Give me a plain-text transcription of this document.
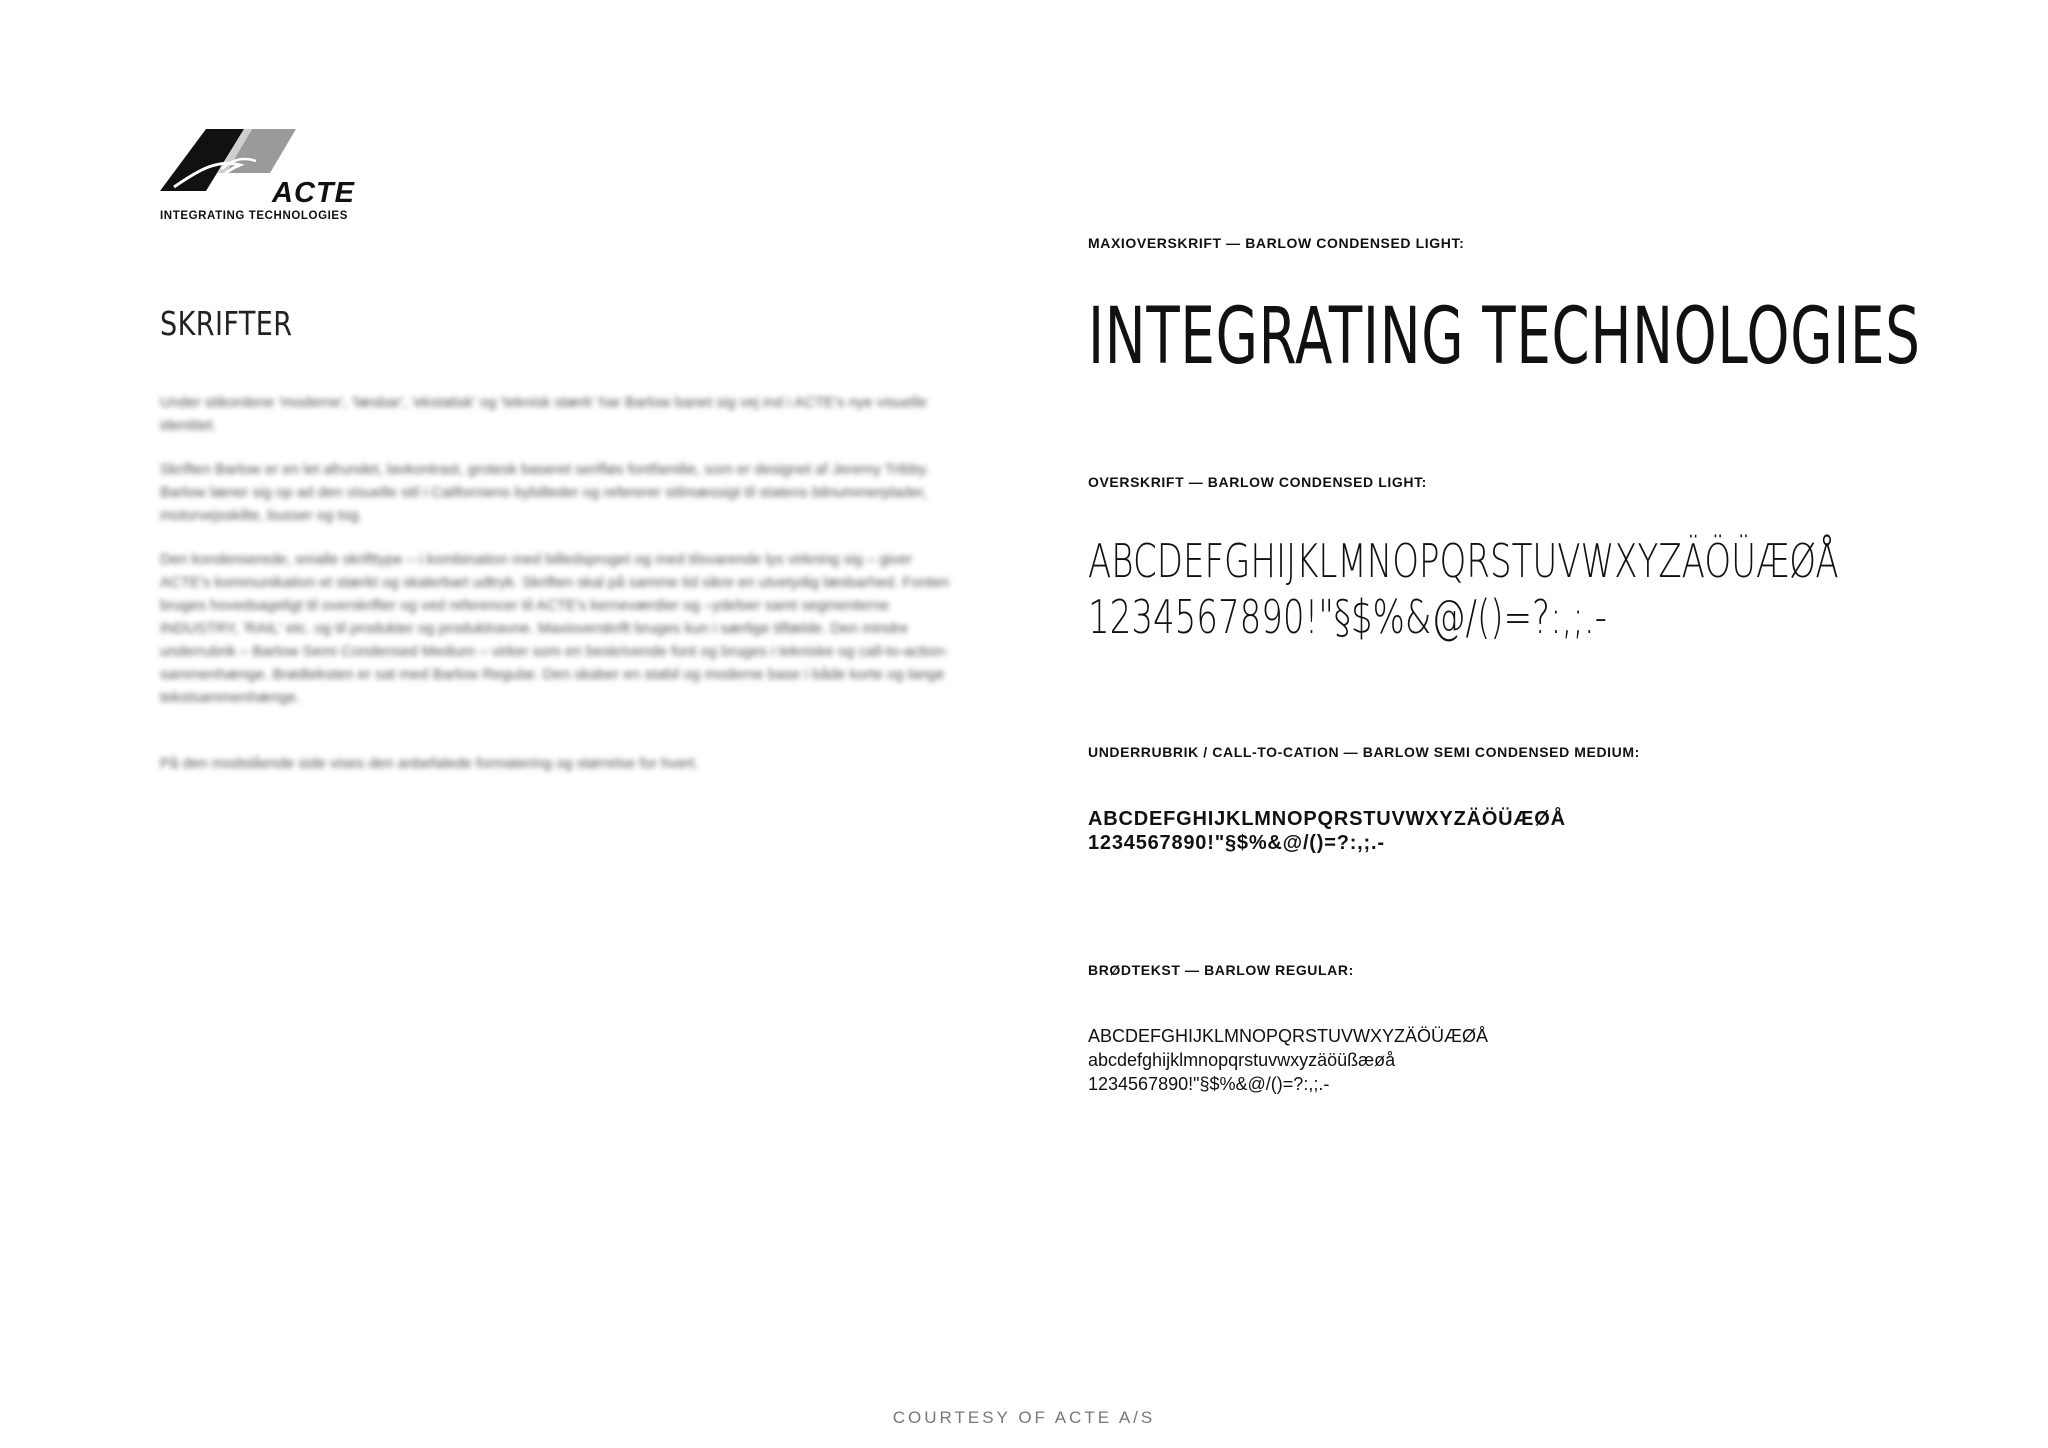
ACTE
INTEGRATING TECHNOLOGIES
SKRIFTER

Under stikordene 'moderne', 'læsbar', 'ekstatisk' og 'teknisk stærk' har Barlow banet sig vej ind i ACTE's nye visuelle identitet.

Skriften Barlow er en let afrundet, lavkontrast, grotesk baseret serifløs fontfamilie, som er designet af Jeremy Tribby. Barlow læner sig op ad den visuelle stil i Californiens bybilleder og refererer stilmæssigt til statens bilnummerplader, motorvejsskilte, busser og tog.

Den kondenserede, smalle skrifttype – i kombination med billedsproget og med tilsvarende lys virkning sig – giver ACTE's kommunikation et stærkt og skalerbart udtryk. Skriften skal på samme tid sikre en utvetydig læsbarhed. Fonten bruges hovedsageligt til overskrifter og ved referencer til ACTE's kerneværdier og –ydelser samt segmenterne INDUSTRY, 'RAIL' etc. og til produkter og produktnavne. Maxioverskrift bruges kun i særlige tilfælde. Den mindre underrubrik – Barlow Semi Condensed Medium – virker som en beskrivende font og bruges i tekniske og call-to-action-sammenhænge. Brødteksten er sat med Barlow Regular. Den skaber en stabil og moderne base i både korte og lange tekstsammenhænge.

På den modstående side vises den anbefalede formatering og størrelse for hvert.

MAXIOVERSKRIFT — BARLOW CONDENSED LIGHT:
INTEGRATING TECHNOLOGIES
OVERSKRIFT — BARLOW CONDENSED LIGHT:
ABCDEFGHIJKLMNOPQRSTUVWXYZÄÖÜÆØÅ
1234567890!"§$%&@/()=?:,;.-
UNDERRUBRIK / CALL-TO-CATION — BARLOW SEMI CONDENSED MEDIUM:
ABCDEFGHIJKLMNOPQRSTUVWXYZÄÖÜÆØÅ
1234567890!"§$%&@/()=?:,;.-
BRØDTEKST — BARLOW REGULAR:
ABCDEFGHIJKLMNOPQRSTUVWXYZÄÖÜÆØÅ
abcdefghijklmnopqrstuvwxyzäöüßæøå
1234567890!"§$%&@/()=?:,;.-
COURTESY OF ACTE A/S
